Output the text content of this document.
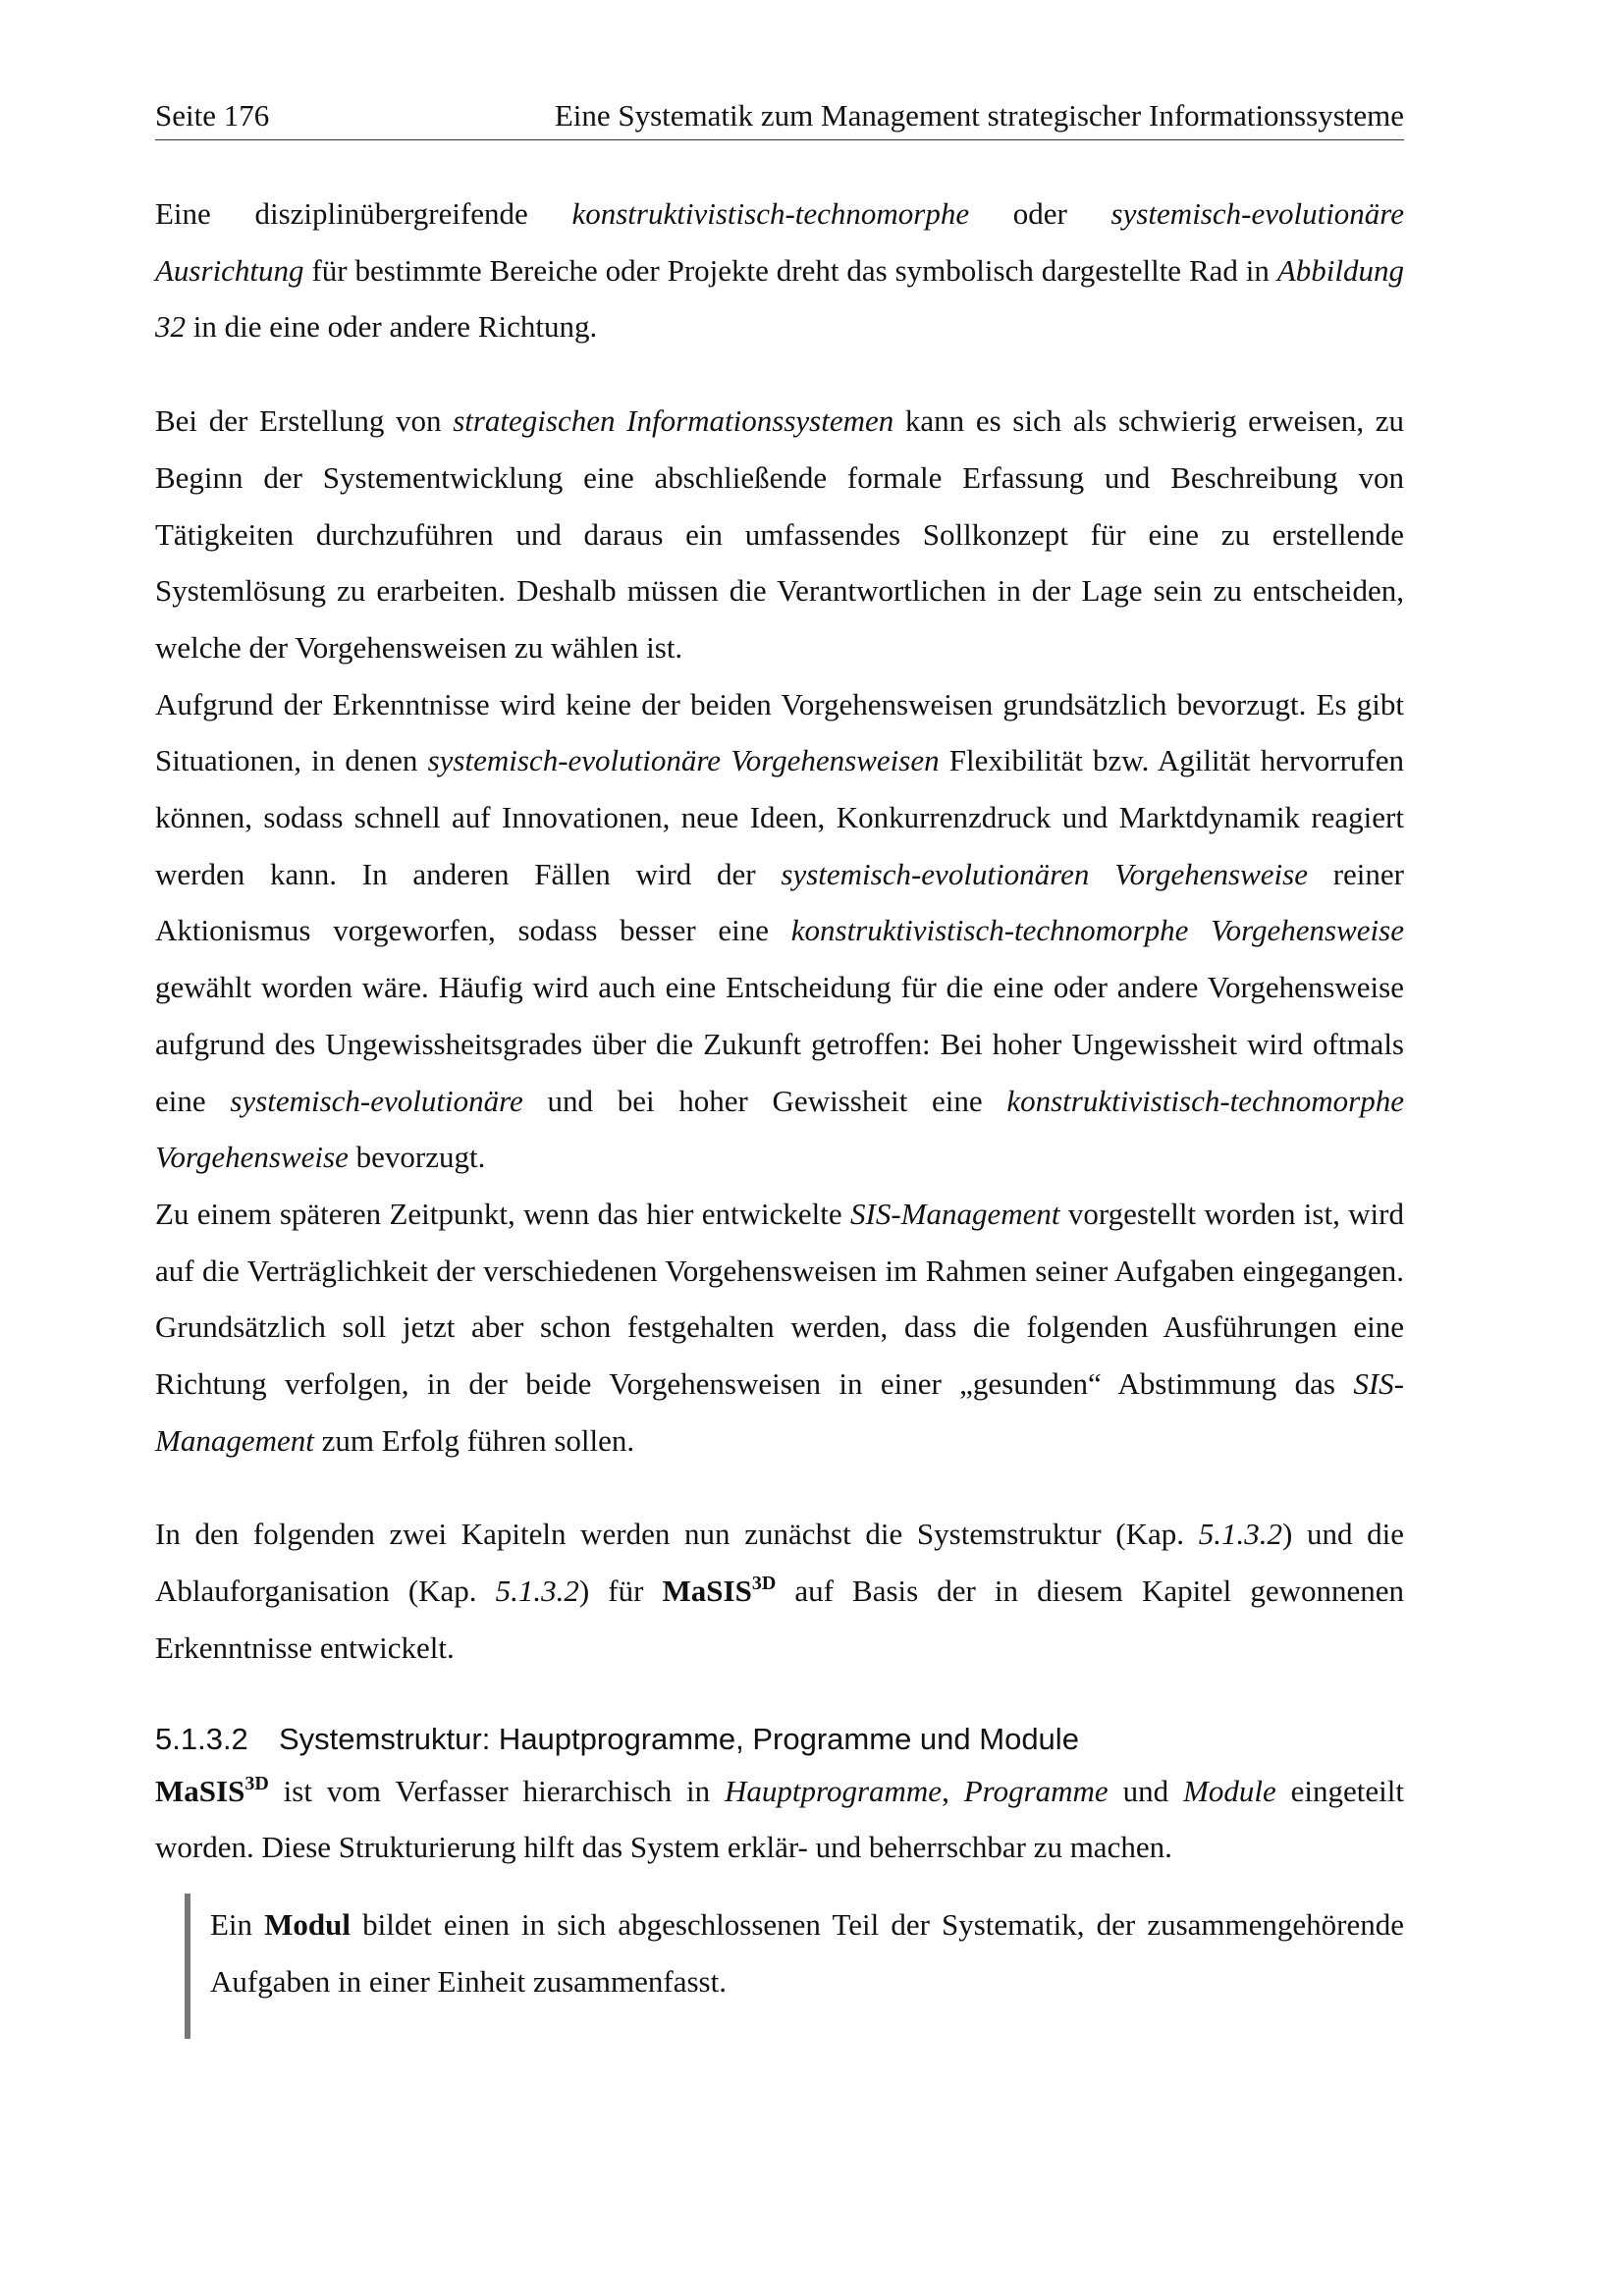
Seite 176	Eine Systematik zum Management strategischer Informationssysteme

Eine disziplinübergreifende konstruktivistisch-technomorphe oder systemisch-evolutionäre Ausrichtung für bestimmte Bereiche oder Projekte dreht das symbolisch dargestellte Rad in Abbildung 32 in die eine oder andere Richtung.

Bei der Erstellung von strategischen Informationssystemen kann es sich als schwierig erweisen, zu Beginn der Systementwicklung eine abschließende formale Erfassung und Beschreibung von Tätigkeiten durchzuführen und daraus ein umfassendes Sollkonzept für eine zu erstellende Systemlösung zu erarbeiten. Deshalb müssen die Verantwortlichen in der Lage sein zu entscheiden, welche der Vorgehensweisen zu wählen ist.

Aufgrund der Erkenntnisse wird keine der beiden Vorgehensweisen grundsätzlich bevorzugt. Es gibt Situationen, in denen systemisch-evolutionäre Vorgehensweisen Flexibilität bzw. Agilität hervorrufen können, sodass schnell auf Innovationen, neue Ideen, Konkurrenzdruck und Marktdynamik reagiert werden kann. In anderen Fällen wird der systemisch-evolutionären Vorgehensweise reiner Aktionismus vorgeworfen, sodass besser eine konstruktivistisch-technomorphe Vorgehensweise gewählt worden wäre. Häufig wird auch eine Entscheidung für die eine oder andere Vorgehensweise aufgrund des Ungewissheitsgrades über die Zukunft getroffen: Bei hoher Ungewissheit wird oftmals eine systemisch-evolutionäre und bei hoher Gewissheit eine konstruktivistisch-technomorphe Vorgehensweise bevorzugt.

Zu einem späteren Zeitpunkt, wenn das hier entwickelte SIS-Management vorgestellt worden ist, wird auf die Verträglichkeit der verschiedenen Vorgehensweisen im Rahmen seiner Aufgaben eingegangen. Grundsätzlich soll jetzt aber schon festgehalten werden, dass die folgenden Ausführungen eine Richtung verfolgen, in der beide Vorgehensweisen in einer „gesunden“ Abstimmung das SIS-Management zum Erfolg führen sollen.

In den folgenden zwei Kapiteln werden nun zunächst die Systemstruktur (Kap. 5.1.3.2) und die Ablauforganisation (Kap. 5.1.3.2) für MaSIS$^{3D}$ auf Basis der in diesem Kapitel gewonnenen Erkenntnisse entwickelt.

5.1.3.2 Systemstruktur: Hauptprogramme, Programme und Module

MaSIS$^{3D}$ ist vom Verfasser hierarchisch in Hauptprogramme, Programme und Module eingeteilt worden. Diese Strukturierung hilft das System erklär- und beherrschbar zu machen.

Ein Modul bildet einen in sich abgeschlossenen Teil der Systematik, der zusammengehörende Aufgaben in einer Einheit zusammenfasst.
